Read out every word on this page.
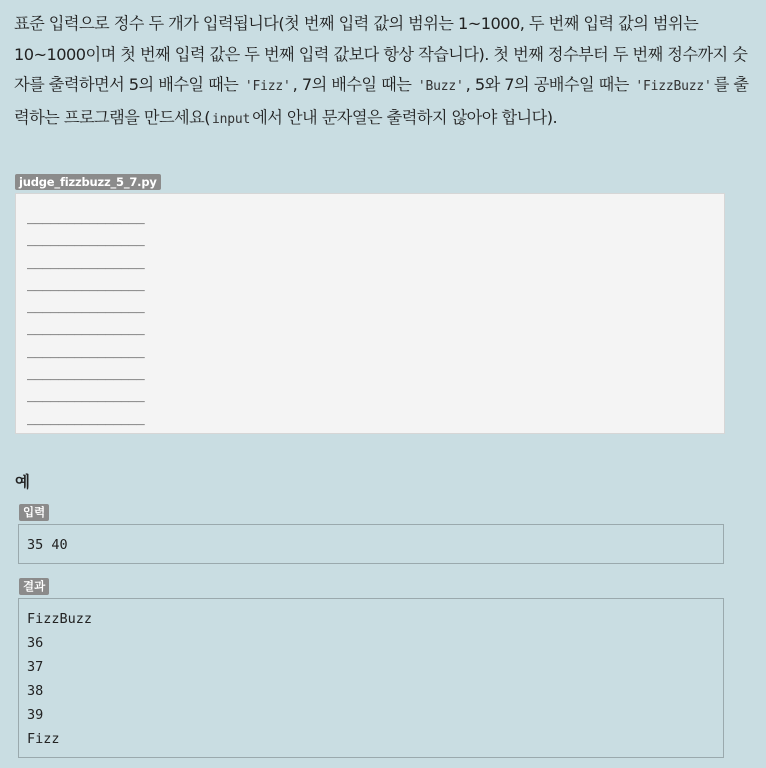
표준 입력으로 정수 두 개가 입력됩니다(첫 번째 입력 값의 범위는 1~1000, 두 번째 입력 값의 범위는 10~1000이며 첫 번째 입력 값은 두 번째 입력 값보다 항상 작습니다). 첫 번째 정수부터 두 번째 정수까지 숫자를 출력하면서 5의 배수일 때는 'Fizz' , 7의 배수일 때는 'Buzz' , 5와 7의 공배수일 때는 'FizzBuzz' 를 출력하는 프로그램을 만드세요( input 에서 안내 문자열은 출력하지 않아야 합니다).
judge_fizzbuzz_5_7.py
_______________
_______________
_______________
_______________
_______________
_______________
_______________
_______________
_______________
_______________
예
입력
35 40
결과
FizzBuzz
36
37
38
39
Fizz
